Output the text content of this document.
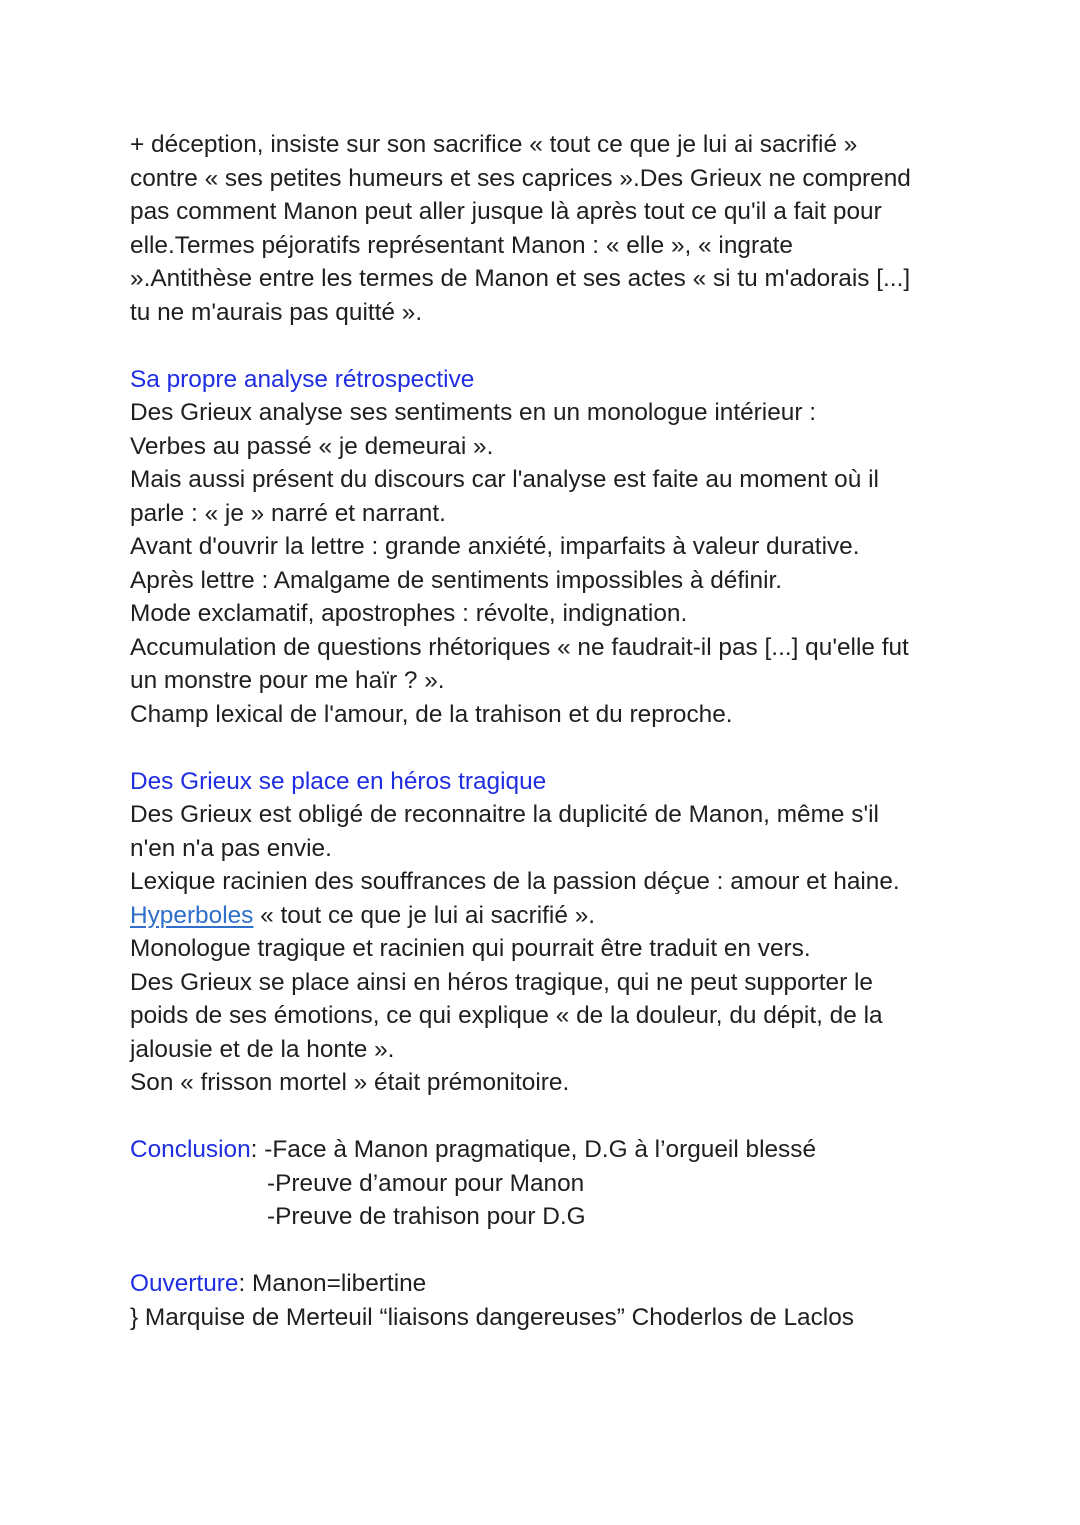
+ déception, insiste sur son sacrifice « tout ce que je lui ai sacrifié »
contre « ses petites humeurs et ses caprices ».Des Grieux ne comprend
pas comment Manon peut aller jusque là après tout ce qu'il a fait pour
elle.Termes péjoratifs représentant Manon : « elle », « ingrate
».Antithèse entre les termes de Manon et ses actes « si tu m'adorais [...]
tu ne m'aurais pas quitté ».
Sa propre analyse rétrospective
Des Grieux analyse ses sentiments en un monologue intérieur :
Verbes au passé « je demeurai ».
Mais aussi présent du discours car l'analyse est faite au moment où il
parle : « je » narré et narrant.
Avant d'ouvrir la lettre : grande anxiété, imparfaits à valeur durative.
Après lettre : Amalgame de sentiments impossibles à définir.
Mode exclamatif, apostrophes : révolte, indignation.
Accumulation de questions rhétoriques « ne faudrait-il pas [...] qu'elle fut
un monstre pour me haïr ? ».
Champ lexical de l'amour, de la trahison et du reproche.
Des Grieux se place en héros tragique
Des Grieux est obligé de reconnaitre la duplicité de Manon, même s'il
n'en n'a pas envie.
Lexique racinien des souffrances de la passion déçue : amour et haine.
Hyperboles « tout ce que je lui ai sacrifié ».
Monologue tragique et racinien qui pourrait être traduit en vers.
Des Grieux se place ainsi en héros tragique, qui ne peut supporter le
poids de ses émotions, ce qui explique « de la douleur, du dépit, de la
jalousie et de la honte ».
Son « frisson mortel » était prémonitoire.
Conclusion: -Face à Manon pragmatique, D.G à l’orgueil blessé
-Preuve d’amour pour Manon
-Preuve de trahison pour D.G
Ouverture: Manon=libertine
} Marquise de Merteuil “liaisons dangereuses” Choderlos de Laclos
